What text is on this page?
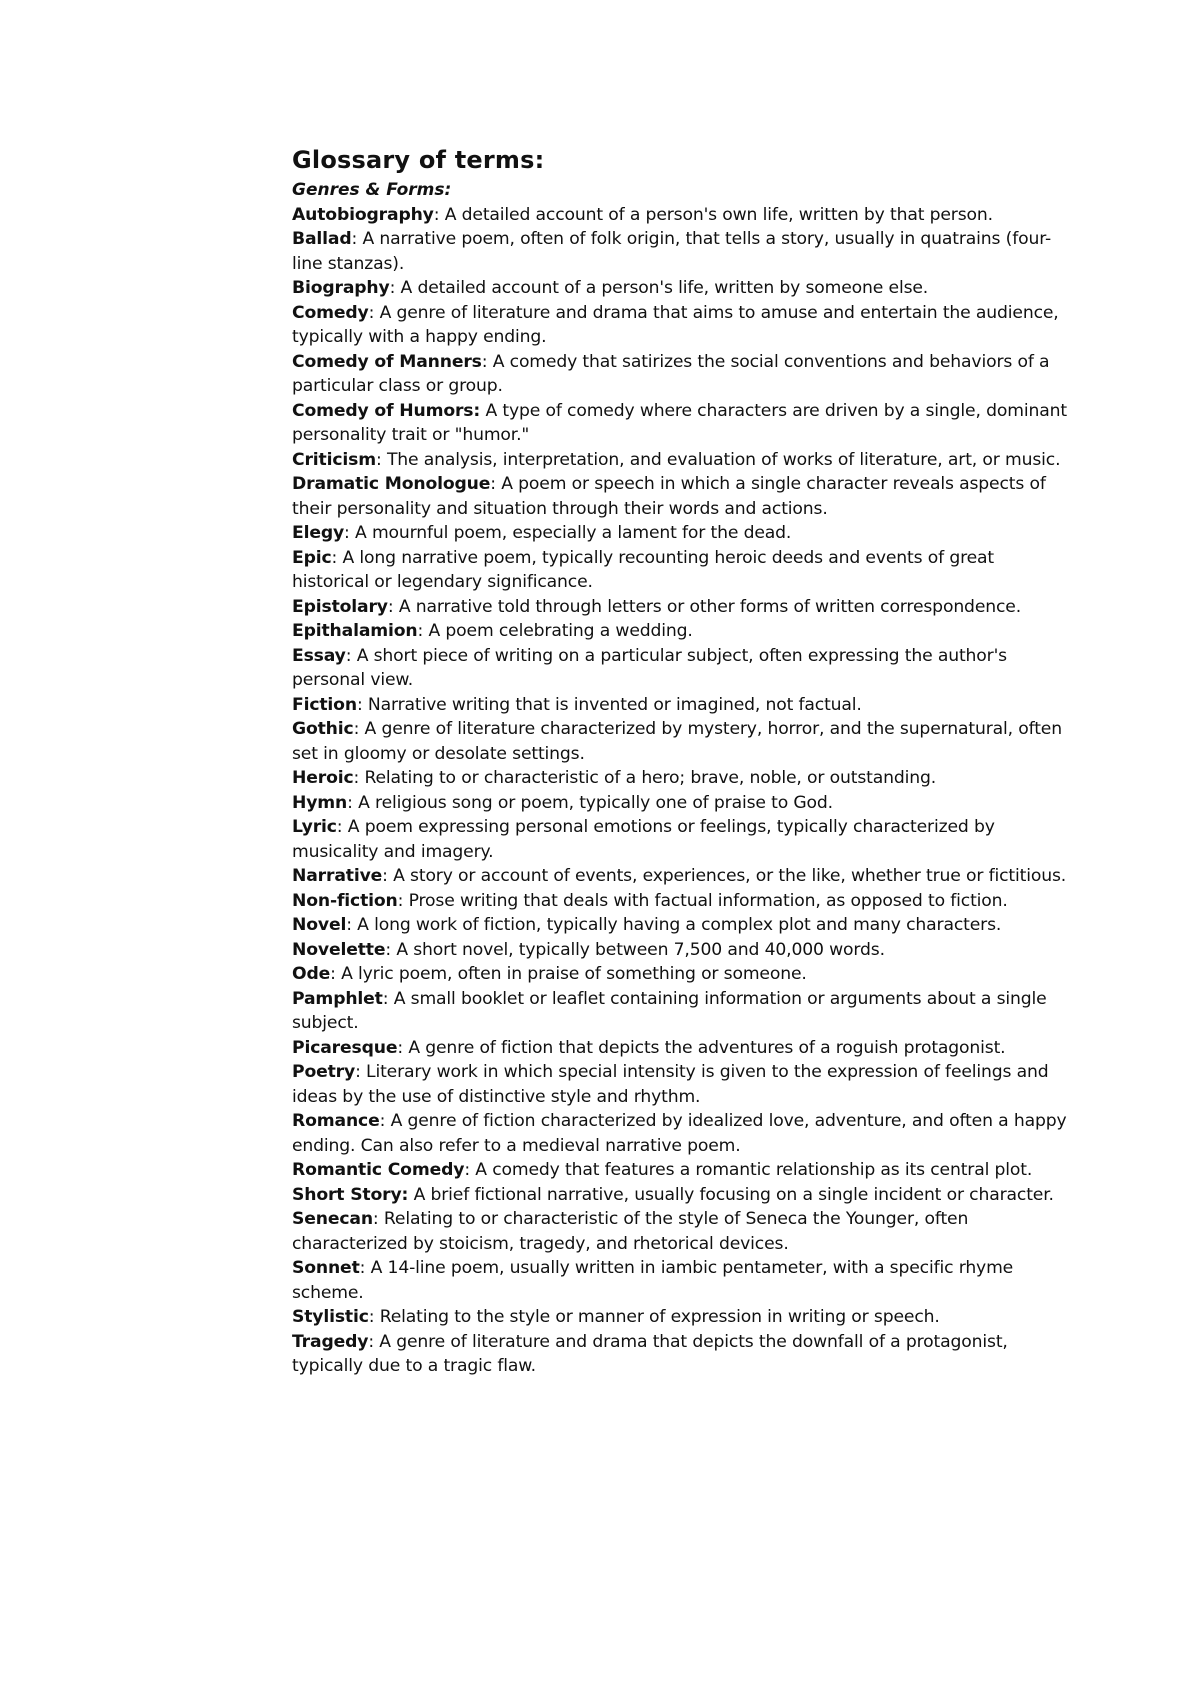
Glossary of terms:

Genres & Forms:

Autobiography: A detailed account of a person's own life, written by that person.
Ballad: A narrative poem, often of folk origin, that tells a story, usually in quatrains (four-line stanzas).
Biography: A detailed account of a person's life, written by someone else.
Comedy: A genre of literature and drama that aims to amuse and entertain the audience, typically with a happy ending.
Comedy of Manners: A comedy that satirizes the social conventions and behaviors of a particular class or group.
Comedy of Humors: A type of comedy where characters are driven by a single, dominant personality trait or "humor."
Criticism: The analysis, interpretation, and evaluation of works of literature, art, or music.
Dramatic Monologue: A poem or speech in which a single character reveals aspects of their personality and situation through their words and actions.
Elegy: A mournful poem, especially a lament for the dead.
Epic: A long narrative poem, typically recounting heroic deeds and events of great historical or legendary significance.
Epistolary: A narrative told through letters or other forms of written correspondence.
Epithalamion: A poem celebrating a wedding.
Essay: A short piece of writing on a particular subject, often expressing the author's personal view.
Fiction: Narrative writing that is invented or imagined, not factual.
Gothic: A genre of literature characterized by mystery, horror, and the supernatural, often set in gloomy or desolate settings.
Heroic: Relating to or characteristic of a hero; brave, noble, or outstanding.
Hymn: A religious song or poem, typically one of praise to God.
Lyric: A poem expressing personal emotions or feelings, typically characterized by musicality and imagery.
Narrative: A story or account of events, experiences, or the like, whether true or fictitious.
Non-fiction: Prose writing that deals with factual information, as opposed to fiction.
Novel: A long work of fiction, typically having a complex plot and many characters.
Novelette: A short novel, typically between 7,500 and 40,000 words.
Ode: A lyric poem, often in praise of something or someone.
Pamphlet: A small booklet or leaflet containing information or arguments about a single subject.
Picaresque: A genre of fiction that depicts the adventures of a roguish protagonist.
Poetry: Literary work in which special intensity is given to the expression of feelings and ideas by the use of distinctive style and rhythm.
Romance: A genre of fiction characterized by idealized love, adventure, and often a happy ending. Can also refer to a medieval narrative poem.
Romantic Comedy: A comedy that features a romantic relationship as its central plot.
Short Story: A brief fictional narrative, usually focusing on a single incident or character.
Senecan: Relating to or characteristic of the style of Seneca the Younger, often characterized by stoicism, tragedy, and rhetorical devices.
Sonnet: A 14-line poem, usually written in iambic pentameter, with a specific rhyme scheme.
Stylistic: Relating to the style or manner of expression in writing or speech.
Tragedy: A genre of literature and drama that depicts the downfall of a protagonist, typically due to a tragic flaw.
